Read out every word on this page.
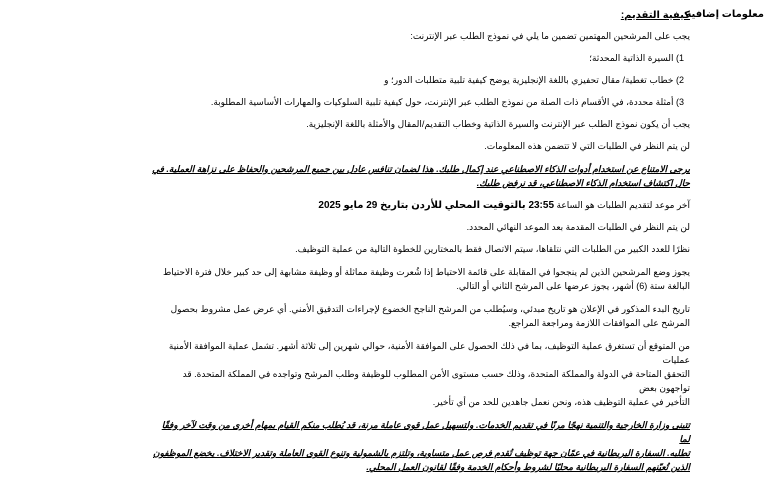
معلومات إضافية
كيفية التقديم:
يجب على المرشحين المهتمين تضمين ما يلي في نموذج الطلب عبر الإنترنت:
1) السيرة الذاتية المحدثة؛
2) خطاب تغطية/ مقال تحفيزي باللغة الإنجليزية يوضح كيفية تلبية متطلبات الدور؛ و
3) أمثلة محددة، في الأقسام ذات الصلة من نموذج الطلب عبر الإنترنت، حول كيفية تلبية السلوكيات والمهارات الأساسية المطلوبة.
يجب أن يكون نموذج الطلب عبر الإنترنت والسيرة الذاتية وخطاب التقديم/المقال والأمثلة باللغة الإنجليزية.
لن يتم النظر في الطلبات التي لا تتضمن هذه المعلومات.
يرجى الامتناع عن استخدام أدوات الذكاء الاصطناعي عند إكمال طلبك. هذا لضمان تنافس عادل بين جميع المرشحين والحفاظ على نزاهة العملية. في
حال اكتشاف استخدام الذكاء الاصطناعي، قد نرفض طلبك.
آخر موعد لتقديم الطلبات هو الساعة 23:55 بالتوقيت المحلي للأردن بتاريخ 29 مايو 2025
لن يتم النظر في الطلبات المقدمة بعد الموعد النهائي المحدد.
نظرًا للعدد الكبير من الطلبات التي نتلقاها، سيتم الاتصال فقط بالمختارين للخطوة التالية من عملية التوظيف.
يجوز وضع المرشحين الذين لم ينجحوا في المقابلة على قائمة الاحتياط إذا شُعرت وظيفة مماثلة أو وظيفة مشابهة إلى حد كبير خلال فترة الاحتياط
البالغة ستة (6) أشهر، يجوز عرضها على المرشح الثاني أو التالي.
تاريخ البدء المذكور في الإعلان هو تاريخ مبدئي، وسيُطلب من المرشح الناجح الخضوع لإجراءات التدقيق الأمني. أي عرض عمل مشروط بحصول
المرشح على الموافقات اللازمة ومراجعة المراجع.
من المتوقع أن تستغرق عملية التوظيف، بما في ذلك الحصول على الموافقة الأمنية، حوالي شهرين إلى ثلاثة أشهر. تشمل عملية الموافقة الأمنية عمليات
التحقق المتاحة في الدولة والمملكة المتحدة، وذلك حسب مستوى الأمن المطلوب للوظيفة وطلب المرشح وتواجده في المملكة المتحدة. قد تواجهون بعض
التأخير في عملية التوظيف هذه، ونحن نعمل جاهدين للحد من أي تأخير.
تتبنى وزارة الخارجية والتنمية نهجًا مرنًا في تقديم الخدمات. ولتسهيل عمل قوى عاملة مرنة، قد يُطلب منكم القيام بمهام أخرى من وقت لآخر وفقًا لما
تطلبه. السفارة البريطانية في عمّان جهة توظيف تُقدم فرص عمل متساوية، وتلتزم بالشمولية وتنوع القوى العاملة وتقدير الاختلاف. يخضع الموظفون
الذين تُعيّنهم السفارة البريطانية محليًا لشروط وأحكام الخدمة وفقًا لقانون العمل المحلي.
